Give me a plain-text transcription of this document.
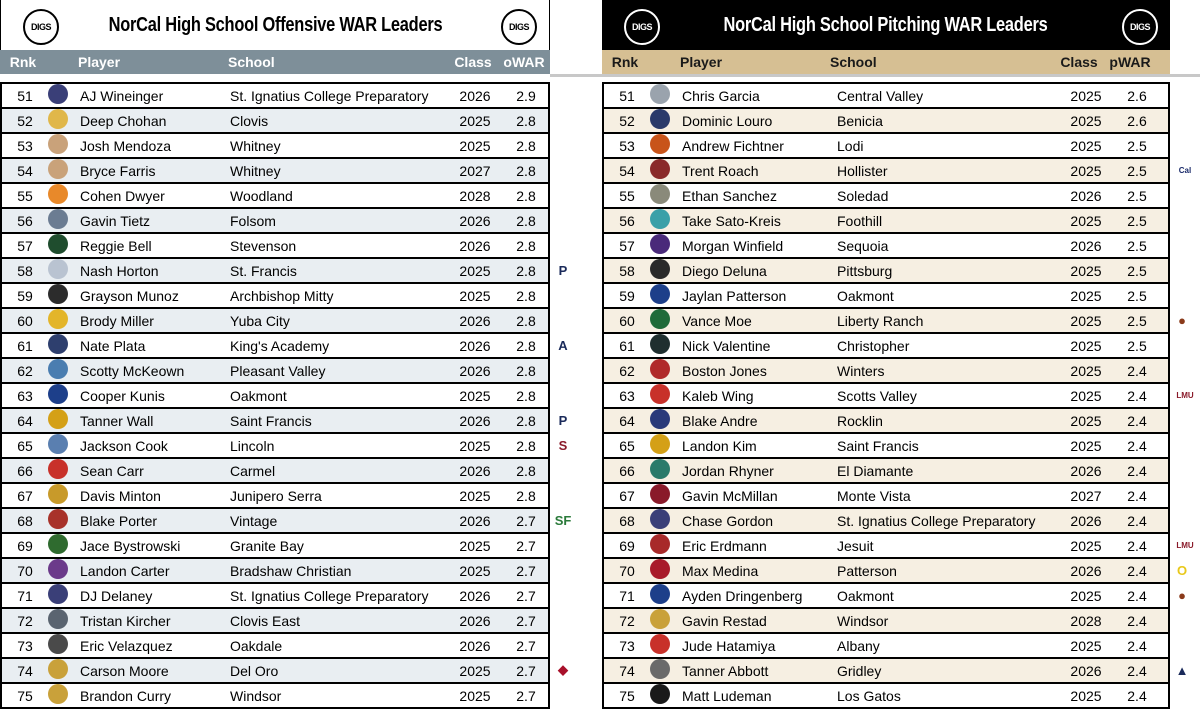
DIGS	NorCal High School Offensive WAR Leaders	DIGS
Rnk	Player	School	Class oWAR
51	AJ Wineinger	St. Ignatius College Preparatory	2026	2.9
52	Deep Chohan	Clovis	2025	2.8
53	Josh Mendoza	Whitney	2025	2.8
54	Bryce Farris	Whitney	2027	2.8
55	Cohen Dwyer	Woodland	2028	2.8
56	Gavin Tietz	Folsom	2026	2.8
57	Reggie Bell	Stevenson	2026	2.8
58	Nash Horton	St. Francis	2025	2.8
59	Grayson Munoz	Archbishop Mitty	2025	2.8
60	Brody Miller	Yuba City	2026	2.8
61	Nate Plata	King's Academy	2026	2.8
62	Scotty McKeown	Pleasant Valley	2026	2.8
63	Cooper Kunis	Oakmont	2025	2.8
64	Tanner Wall	Saint Francis	2026	2.8
65	Jackson Cook	Lincoln	2025	2.8
66	Sean Carr	Carmel	2026	2.8
67	Davis Minton	Junipero Serra	2025	2.8
68	Blake Porter	Vintage	2026	2.7
69	Jace Bystrowski	Granite Bay	2025	2.7
70	Landon Carter	Bradshaw Christian	2025	2.7
71	DJ Delaney	St. Ignatius College Preparatory	2026	2.7
72	Tristan Kircher	Clovis East	2026	2.7
73	Eric Velazquez	Oakdale	2026	2.7
74	Carson Moore	Del Oro	2025	2.7
75	Brandon Curry	Windsor	2025	2.7
DIGS	NorCal High School Pitching WAR Leaders	DIGS
Rnk	Player	School	Class pWAR
51	Chris Garcia	Central Valley	2025	2.6
52	Dominic Louro	Benicia	2025	2.6
53	Andrew Fichtner	Lodi	2025	2.5
54	Trent Roach	Hollister	2025	2.5
55	Ethan Sanchez	Soledad	2026	2.5
56	Take Sato-Kreis	Foothill	2025	2.5
57	Morgan Winfield	Sequoia	2026	2.5
58	Diego Deluna	Pittsburg	2025	2.5
59	Jaylan Patterson	Oakmont	2025	2.5
60	Vance Moe	Liberty Ranch	2025	2.5
61	Nick Valentine	Christopher	2025	2.5
62	Boston Jones	Winters	2025	2.4
63	Kaleb Wing	Scotts Valley	2025	2.4
64	Blake Andre	Rocklin	2025	2.4
65	Landon Kim	Saint Francis	2025	2.4
66	Jordan Rhyner	El Diamante	2026	2.4
67	Gavin McMillan	Monte Vista	2027	2.4
68	Chase Gordon	St. Ignatius College Preparatory	2026	2.4
69	Eric Erdmann	Jesuit	2025	2.4
70	Max Medina	Patterson	2026	2.4
71	Ayden Dringenberg	Oakmont	2025	2.4
72	Gavin Restad	Windsor	2028	2.4
73	Jude Hatamiya	Albany	2025	2.4
74	Tanner Abbott	Gridley	2026	2.4
75	Matt Ludeman	Los Gatos	2025	2.4
P
A
P
S
SF
◆
Cal
●
LMU
LMU
O
●
▲
